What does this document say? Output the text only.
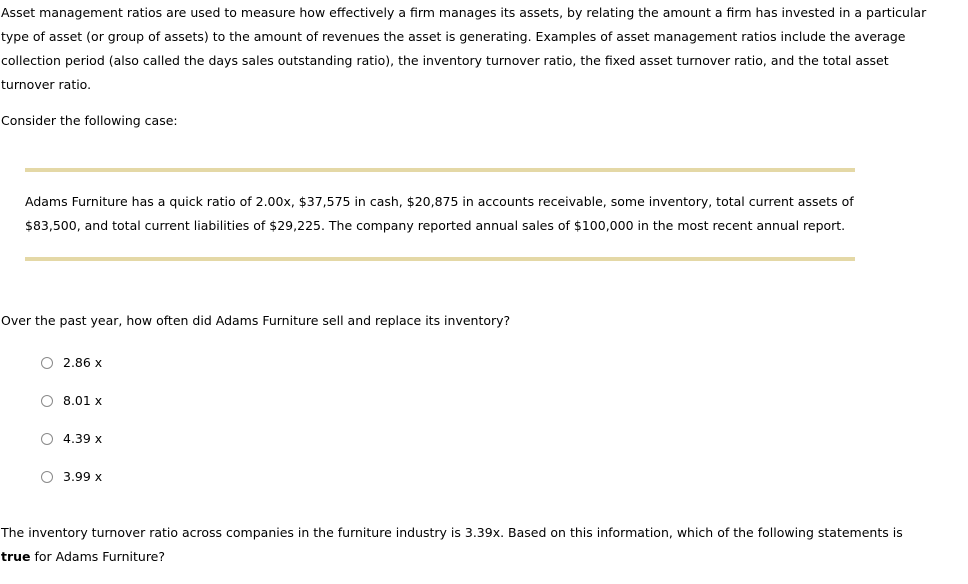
Asset management ratios are used to measure how effectively a firm manages its assets, by relating the amount a firm has invested in a particular type of asset (or group of assets) to the amount of revenues the asset is generating. Examples of asset management ratios include the average collection period (also called the days sales outstanding ratio), the inventory turnover ratio, the fixed asset turnover ratio, and the total asset turnover ratio.
Consider the following case:
Adams Furniture has a quick ratio of 2.00x, $37,575 in cash, $20,875 in accounts receivable, some inventory, total current assets of $83,500, and total current liabilities of $29,225. The company reported annual sales of $100,000 in the most recent annual report.
Over the past year, how often did Adams Furniture sell and replace its inventory?
2.86 x
8.01 x
4.39 x
3.99 x
The inventory turnover ratio across companies in the furniture industry is 3.39x. Based on this information, which of the following statements is true for Adams Furniture?
